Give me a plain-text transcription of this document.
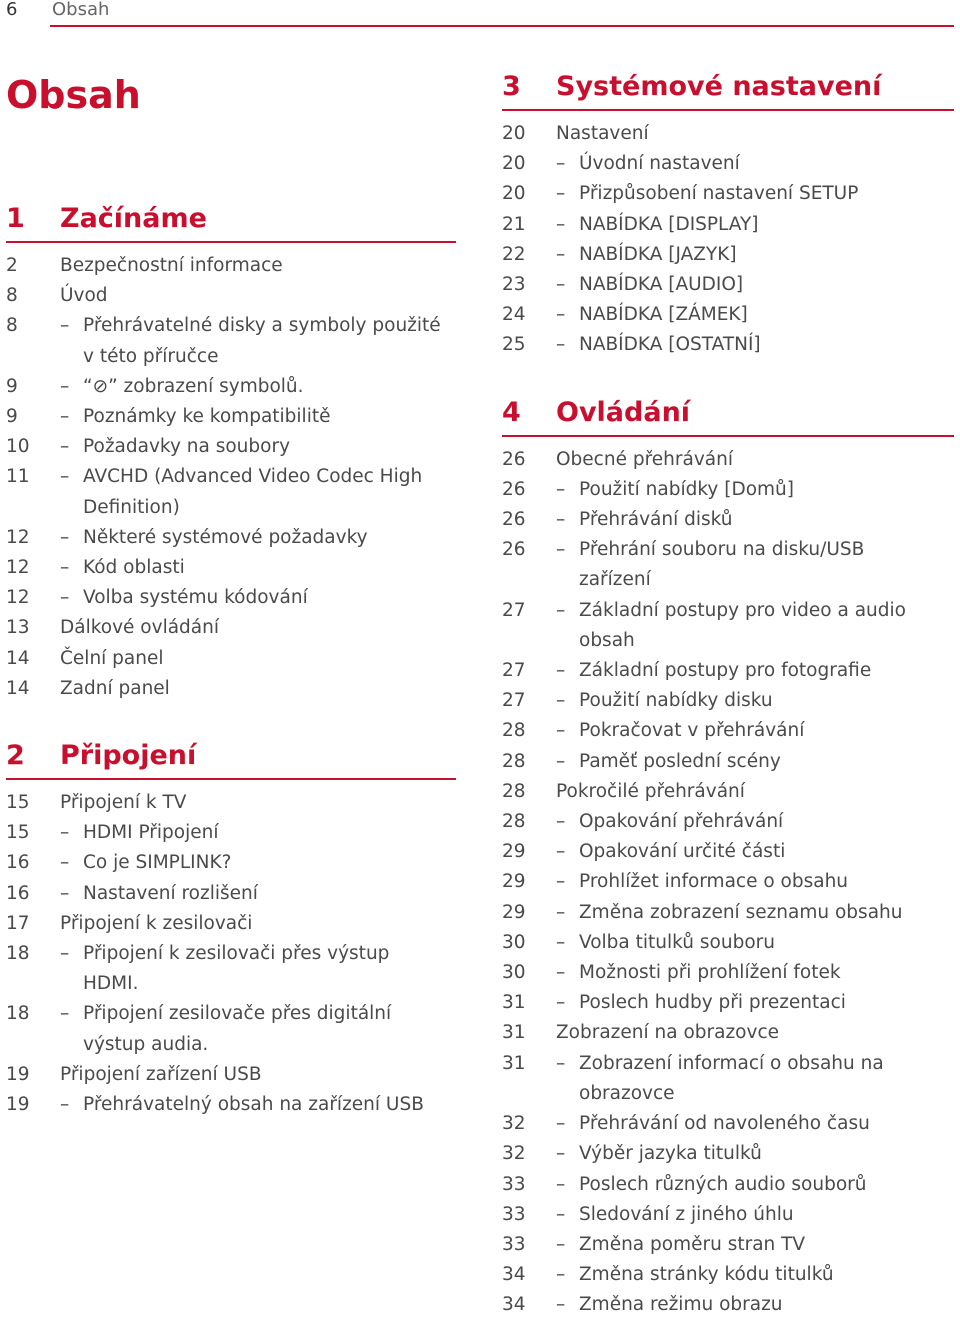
6 Obsah
Obsah
1 Začínáme
2	Bezpečnostní informace
8	Úvod
8	– Přehrávatelné disky a symboly použité
v této příručce
9	– “⊘” zobrazení symbolů.
9	– Poznámky ke kompatibilitě
10	– Požadavky na soubory
11	– AVCHD (Advanced Video Codec High
Definition)
12	– Některé systémové požadavky
12	– Kód oblasti
12	– Volba systému kódování
13	Dálkové ovládání
14	Čelní panel
14	Zadní panel
2 Připojení
15	Připojení k TV
15	– HDMI Připojení
16	– Co je SIMPLINK?
16	– Nastavení rozlišení
17	Připojení k zesilovači
18	– Připojení k zesilovači přes výstup
HDMI.
18	– Připojení zesilovače přes digitální
výstup audia.
19	Připojení zařízení USB
19	– Přehrávatelný obsah na zařízení USB
3 Systémové nastavení
20	Nastavení
20	– Úvodní nastavení
20	– Přizpůsobení nastavení SETUP
21	– NABÍDKA [DISPLAY]
22	– NABÍDKA [JAZYK]
23	– NABÍDKA [AUDIO]
24	– NABÍDKA [ZÁMEK]
25	– NABÍDKA [OSTATNÍ]
4 Ovládání
26	Obecné přehrávání
26	– Použití nabídky [Domů]
26	– Přehrávání disků
26	– Přehrání souboru na disku/USB
zařízení
27	– Základní postupy pro video a audio
obsah
27	– Základní postupy pro fotografie
27	– Použití nabídky disku
28	– Pokračovat v přehrávání
28	– Paměť poslední scény
28	Pokročilé přehrávání
28	– Opakování přehrávání
29	– Opakování určité části
29	– Prohlížet informace o obsahu
29	– Změna zobrazení seznamu obsahu
30	– Volba titulků souboru
30	– Možnosti při prohlížení fotek
31	– Poslech hudby při prezentaci
31	Zobrazení na obrazovce
31	– Zobrazení informací o obsahu na
obrazovce
32	– Přehrávání od navoleného času
32	– Výběr jazyka titulků
33	– Poslech různých audio souborů
33	– Sledování z jiného úhlu
33	– Změna poměru stran TV
34	– Změna stránky kódu titulků
34	– Změna režimu obrazu
